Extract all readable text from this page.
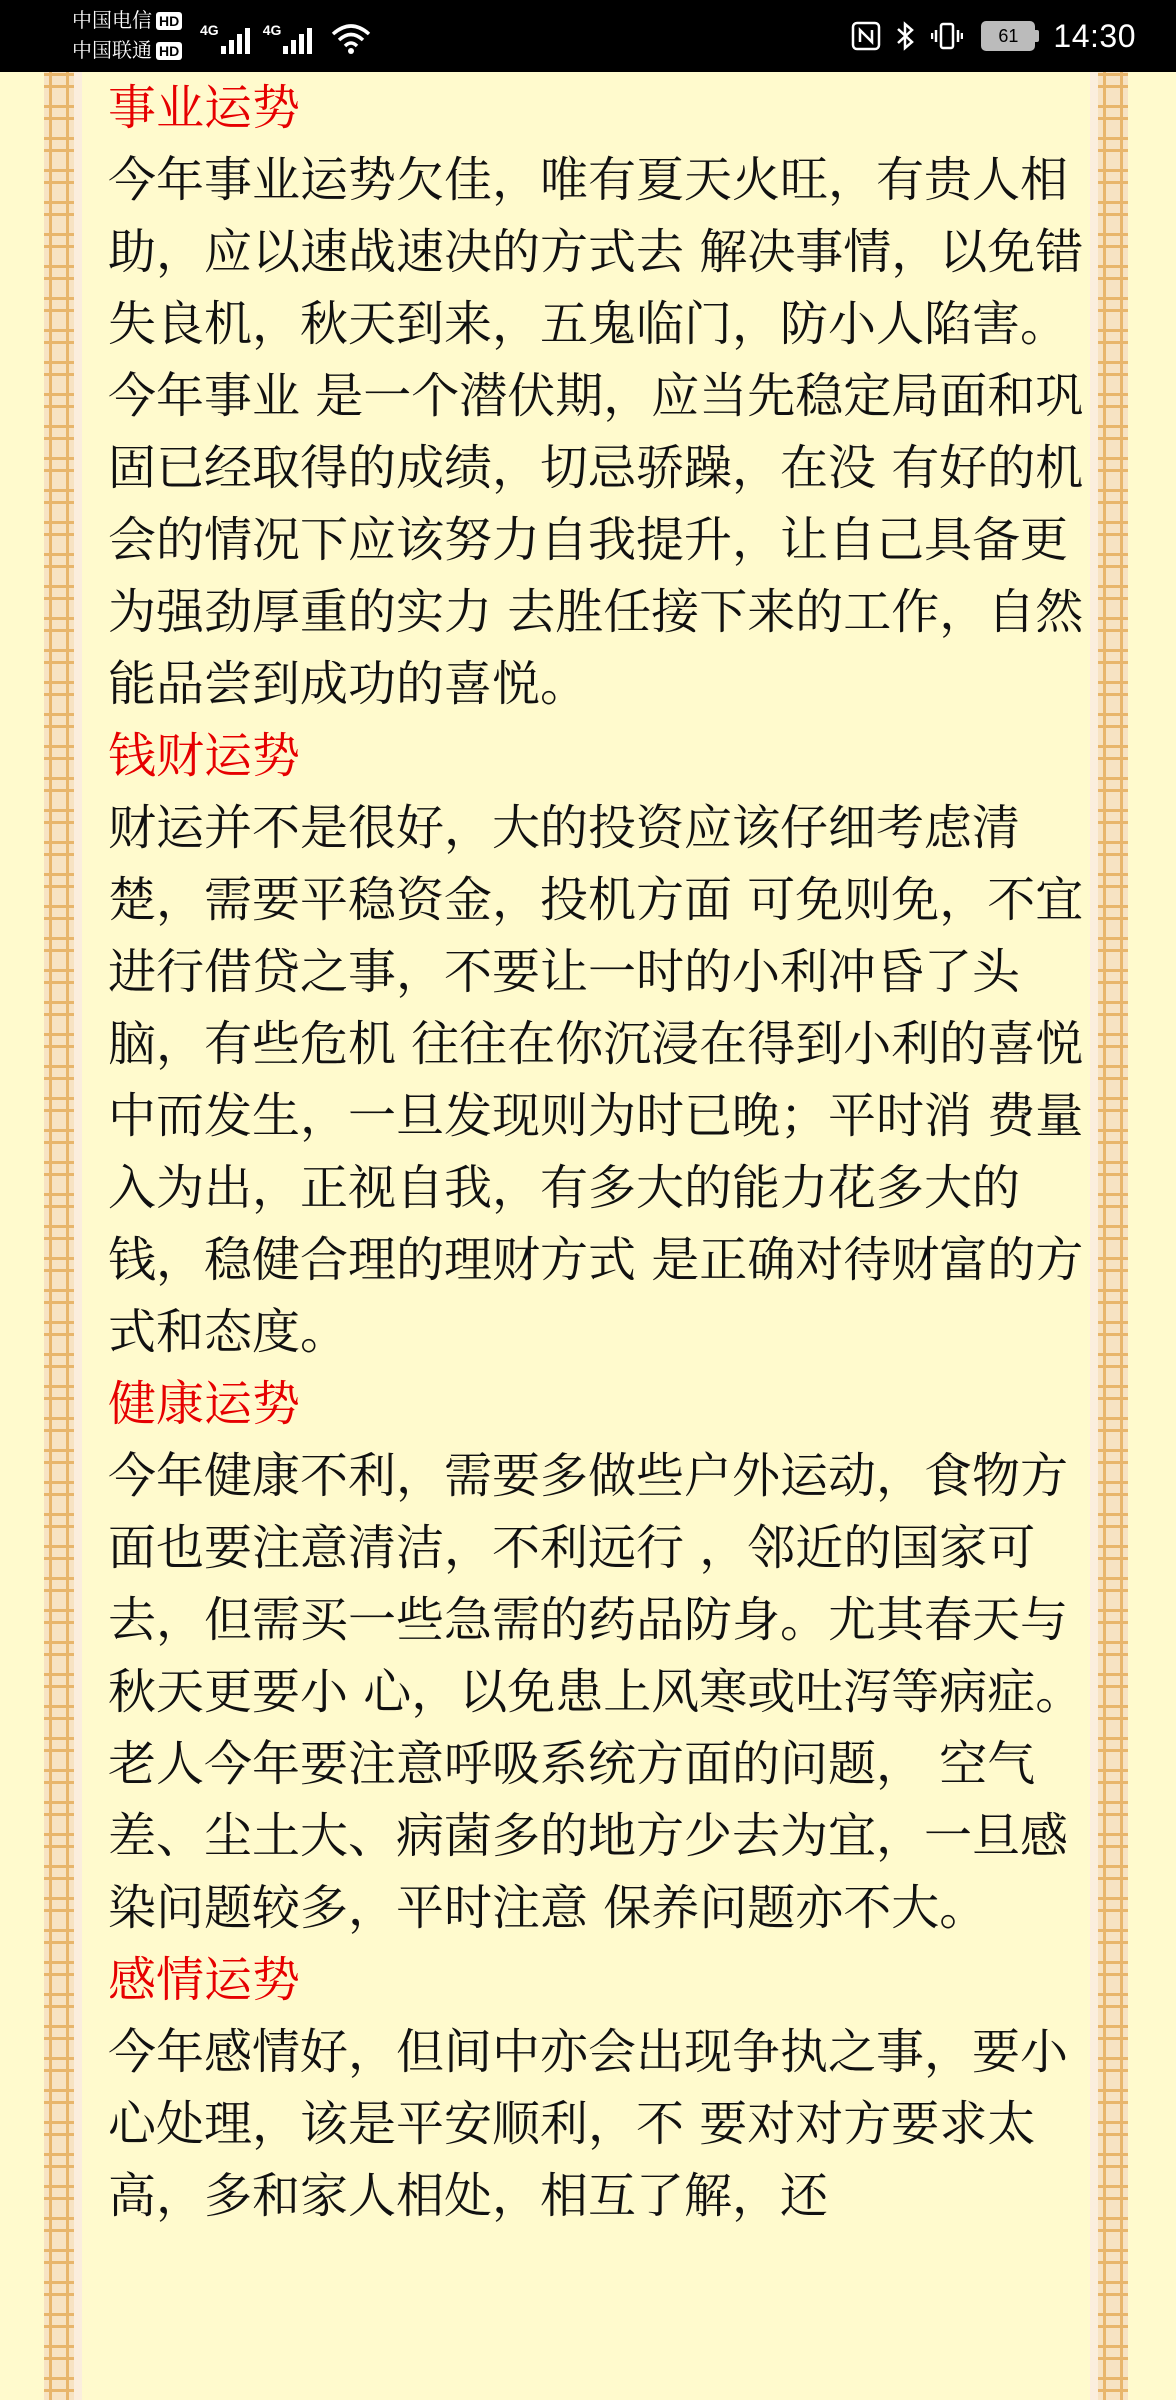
中国电信 HD
中国联通 HD
4G	4G	61	14:30
事业运势

今年事业运势欠佳，唯有夏天火旺，有贵人相助，应以速战速决的方式去 解决事情，以免错失良机，秋天到来，五鬼临门，防小人陷害。今年事业 是一个潜伏期，应当先稳定局面和巩固已经取得的成绩，切忌骄躁，在没 有好的机会的情况下应该努力自我提升，让自己具备更为强劲厚重的实力 去胜任接下来的工作，自然能品尝到成功的喜悦。

钱财运势

财运并不是很好，大的投资应该仔细考虑清楚，需要平稳资金，投机方面 可免则免，不宜进行借贷之事，不要让一时的小利冲昏了头脑，有些危机 往往在你沉浸在得到小利的喜悦中而发生，一旦发现则为时已晚；平时消 费量入为出，正视自我，有多大的能力花多大的钱，稳健合理的理财方式 是正确对待财富的方式和态度。

健康运势

今年健康不利，需要多做些户外运动，食物方面也要注意清洁，不利远行 ，邻近的国家可去，但需买一些急需的药品防身。尤其春天与秋天更要小 心，以免患上风寒或吐泻等病症。老人今年要注意呼吸系统方面的问题， 空气差、尘土大、病菌多的地方少去为宜，一旦感染问题较多，平时注意 保养问题亦不大。

感情运势

今年感情好，但间中亦会出现争执之事，要小心处理，该是平安顺利，不 要对对方要求太高，多和家人相处，相互了解，还
